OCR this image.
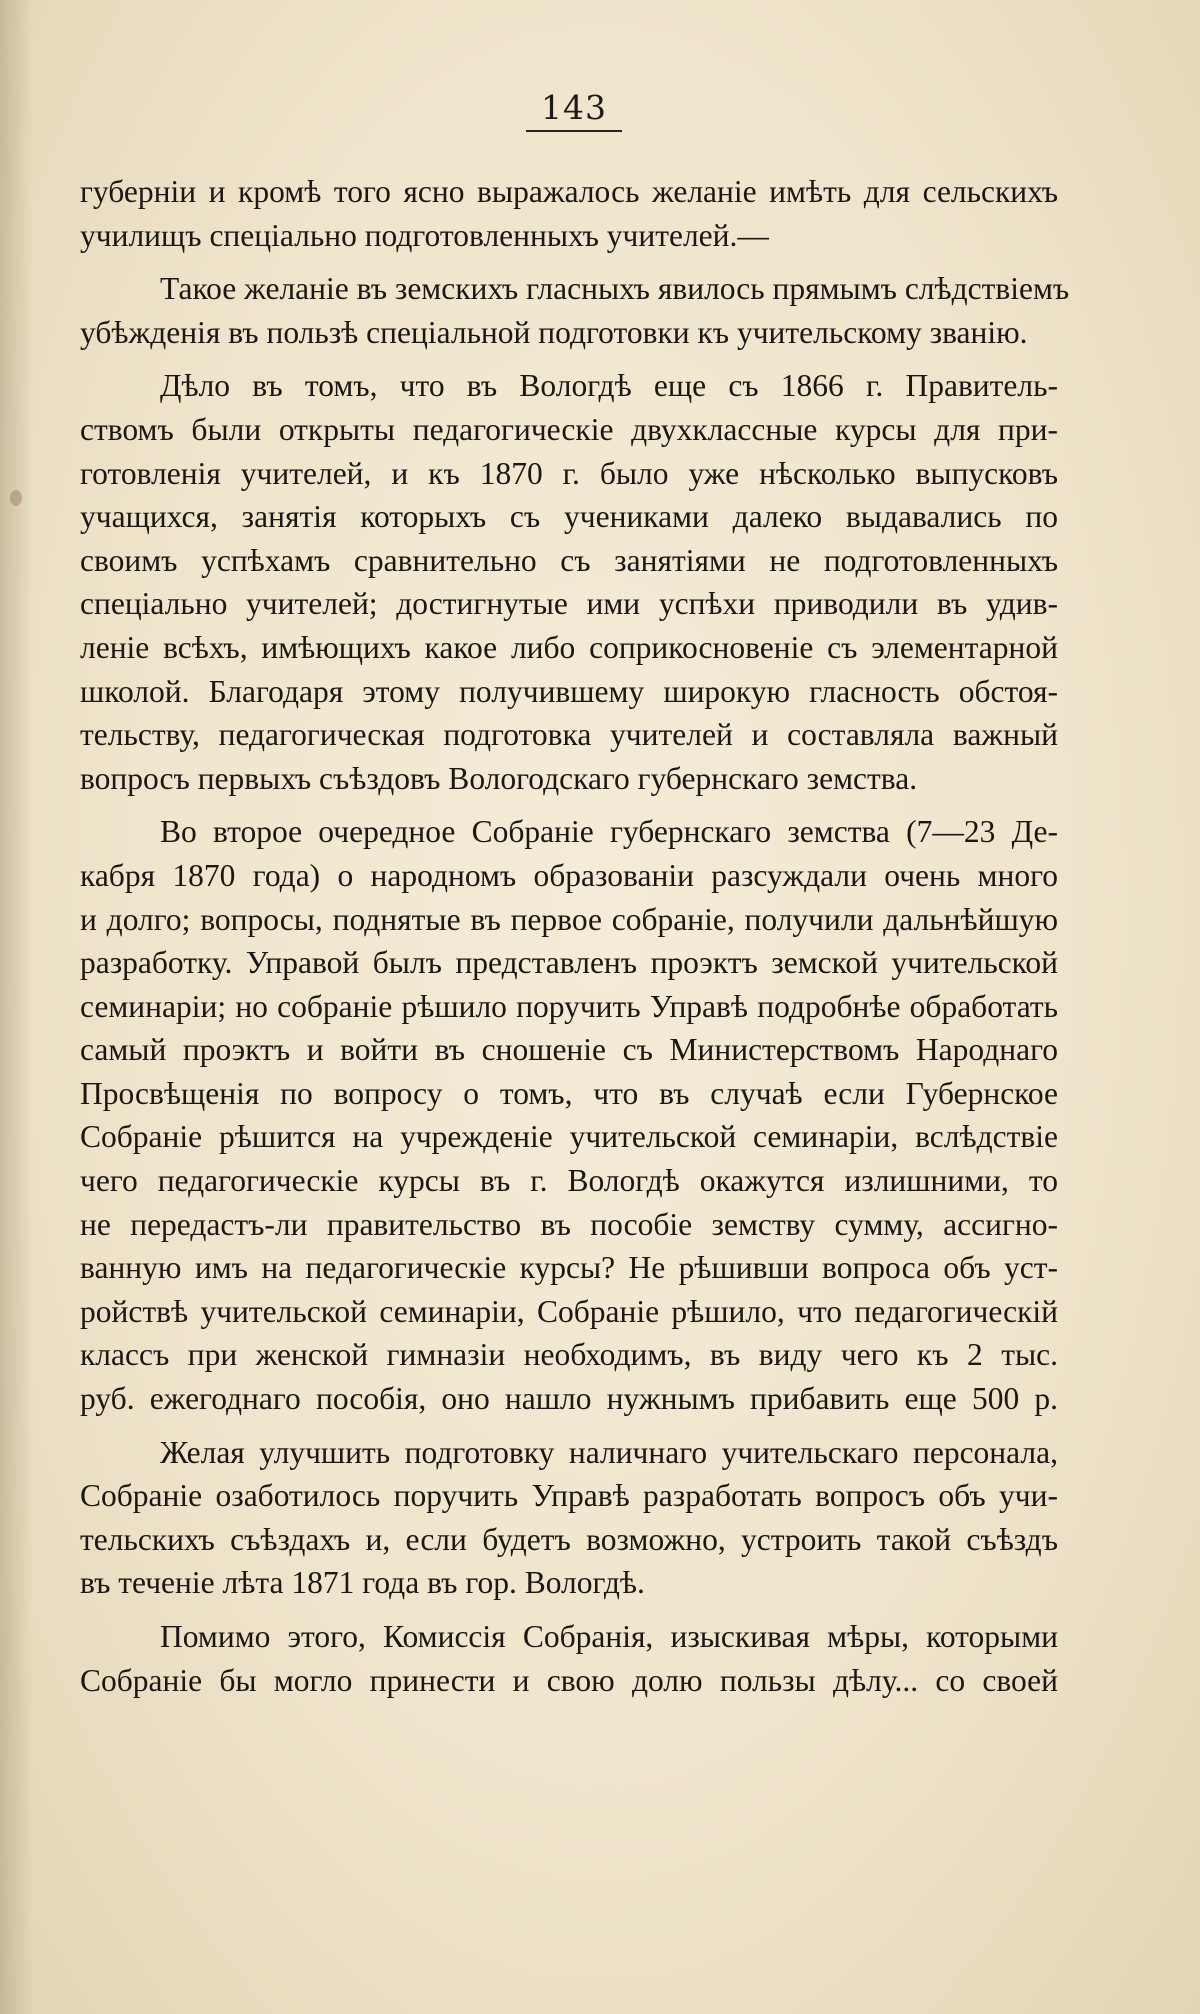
143
губерніи и кромѣ того ясно выражалось желаніе имѣть для сельскихъ
училищъ спеціально подготовленныхъ учителей.—
Такое желаніе въ земскихъ гласныхъ явилось прямымъ слѣдствіемъ
убѣжденія въ пользѣ спеціальной подготовки къ учительскому званію.
Дѣло въ томъ, что въ Вологдѣ еще съ 1866 г. Правитель-
ствомъ были открыты педагогическіе двухклассные курсы для при-
готовленія учителей, и къ 1870 г. было уже нѣсколько выпусковъ
учащихся, занятія которыхъ съ учениками далеко выдавались по
своимъ успѣхамъ сравнительно съ занятіями не подготовленныхъ
спеціально учителей; достигнутые ими успѣхи приводили въ удив-
леніе всѣхъ, имѣющихъ какое либо соприкосновеніе съ элементарной
школой. Благодаря этому получившему широкую гласность обстоя-
тельству, педагогическая подготовка учителей и составляла важный
вопросъ первыхъ съѣздовъ Вологодскаго губернскаго земства.
Во второе очередное Собраніе губернскаго земства (7—23 Де-
кабря 1870 года) о народномъ образованіи разсуждали очень много
и долго; вопросы, поднятые въ первое собраніе, получили дальнѣйшую
разработку. Управой былъ представленъ проэктъ земской учительской
семинаріи; но собраніе рѣшило поручить Управѣ подробнѣе обработать
самый проэктъ и войти въ сношеніе съ Министерствомъ Народнаго
Просвѣщенія по вопросу о томъ, что въ случаѣ если Губернское
Собраніе рѣшится на учрежденіе учительской семинаріи, вслѣдствіе
чего педагогическіе курсы въ г. Вологдѣ окажутся излишними, то
не передастъ-ли правительство въ пособіе земству сумму, ассигно-
ванную имъ на педагогическіе курсы? Не рѣшивши вопроса объ уст-
ройствѣ учительской семинаріи, Собраніе рѣшило, что педагогическій
классъ при женской гимназіи необходимъ, въ виду чего къ 2 тыс.
руб. ежегоднаго пособія, оно нашло нужнымъ прибавить еще 500 р.
Желая улучшить подготовку наличнаго учительскаго персонала,
Собраніе озаботилось поручить Управѣ разработать вопросъ объ учи-
тельскихъ съѣздахъ и, если будетъ возможно, устроить такой съѣздъ
въ теченіе лѣта 1871 года въ гор. Вологдѣ.
Помимо этого, Комиссія Собранія, изыскивая мѣры, которыми
Собраніе бы могло принести и свою долю пользы дѣлу... со своей
